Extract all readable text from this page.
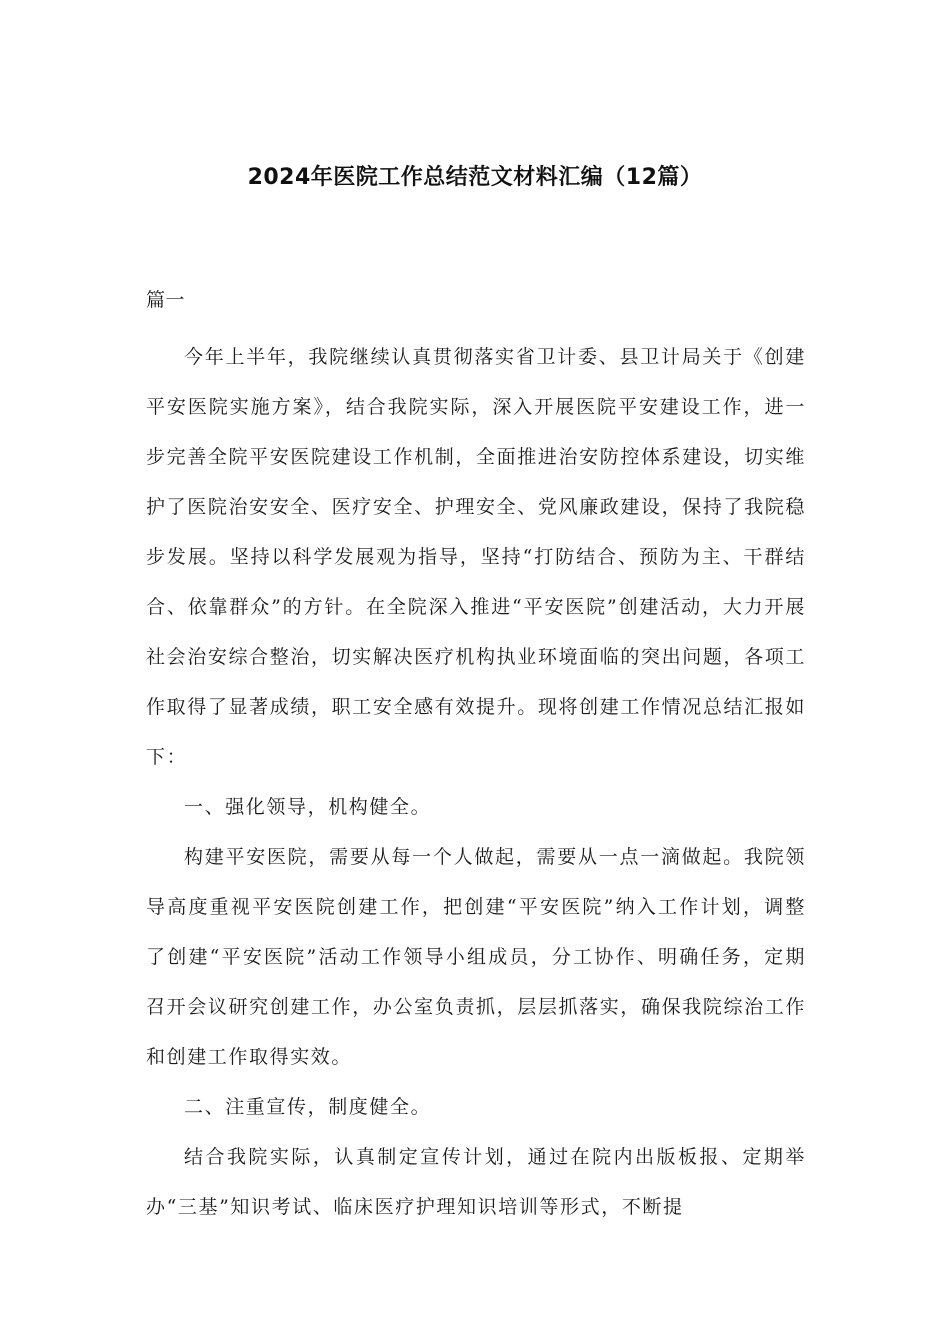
2024年医院工作总结范文材料汇编（12篇）
篇一

今年上半年，我院继续认真贯彻落实省卫计委、县卫计局关于《创建平安医院实施方案》，结合我院实际，深入开展医院平安建设工作，进一步完善全院平安医院建设工作机制，全面推进治安防控体系建设，切实维护了医院治安安全、医疗安全、护理安全、党风廉政建设，保持了我院稳步发展。坚持以科学发展观为指导，坚持“打防结合、预防为主、干群结合、依靠群众”的方针。在全院深入推进“平安医院”创建活动，大力开展社会治安综合整治，切实解决医疗机构执业环境面临的突出问题，各项工作取得了显著成绩，职工安全感有效提升。现将创建工作情况总结汇报如下：

一、强化领导，机构健全。

构建平安医院，需要从每一个人做起，需要从一点一滴做起。我院领导高度重视平安医院创建工作，把创建“平安医院”纳入工作计划，调整了创建“平安医院”活动工作领导小组成员，分工协作、明确任务，定期召开会议研究创建工作，办公室负责抓，层层抓落实，确保我院综治工作和创建工作取得实效。

二、注重宣传，制度健全。

结合我院实际，认真制定宣传计划，通过在院内出版板报、定期举办“三基”知识考试、临床医疗护理知识培训等形式，不断提
